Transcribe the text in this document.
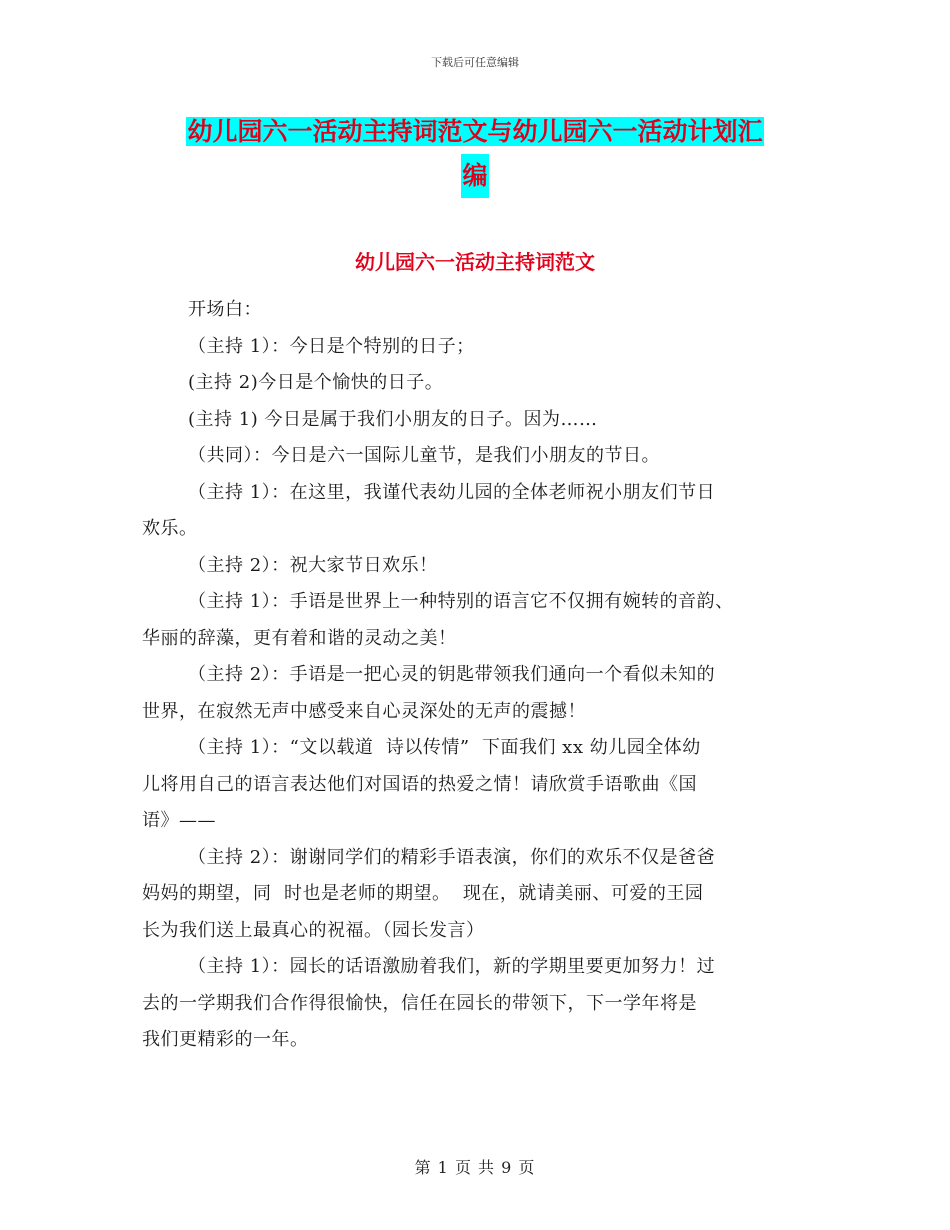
下载后可任意编辑
幼儿园六一活动主持词范文与幼儿园六一活动计划汇
编
幼儿园六一活动主持词范文

开场白：

（主持 1）：今日是个特别的日子；

(主持 2)今日是个愉快的日子。

(主持 1) 今日是属于我们小朋友的日子。因为……

（共同）：今日是六一国际儿童节，是我们小朋友的节日。

（主持 1）：在这里，我谨代表幼儿园的全体老师祝小朋友们节日

欢乐。

（主持 2）：祝大家节日欢乐！

（主持 1）：手语是世界上一种特别的语言它不仅拥有婉转的音韵、

华丽的辞藻，更有着和谐的灵动之美！

（主持 2）：手语是一把心灵的钥匙带领我们通向一个看似未知的

世界，在寂然无声中感受来自心灵深处的无声的震撼！

（主持 1）：“文以载道  诗以传情”  下面我们 xx 幼儿园全体幼

儿将用自己的语言表达他们对国语的热爱之情！请欣赏手语歌曲《国

语》——

（主持 2）：谢谢同学们的精彩手语表演，你们的欢乐不仅是爸爸

妈妈的期望，同  时也是老师的期望。  现在，就请美丽、可爱的王园

长为我们送上最真心的祝福。（园长发言）

（主持 1）：园长的话语激励着我们，新的学期里要更加努力！过

去的一学期我们合作得很愉快，信任在园长的带领下，下一学年将是

我们更精彩的一年。

第 1 页 共 9 页
